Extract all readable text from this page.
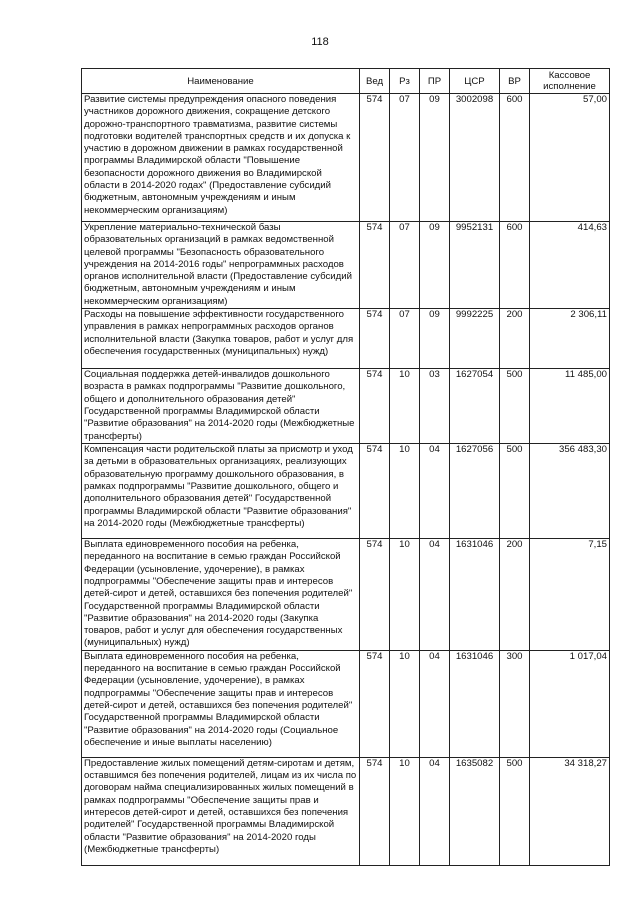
118
Наименование	Вед	Рз	ПР	ЦСР	ВР	Кассовое исполнение
Развитие системы предупреждения опасного поведения участников дорожного движения, сокращение детского дорожно-транспортного травматизма, развитие системы подготовки водителей транспортных средств и их допуска к участию в дорожном движении в рамках государственной программы Владимирской области "Повышение безопасности дорожного движения во Владимирской области в 2014-2020 годах" (Предоставление субсидий бюджетным, автономным учреждениям и иным некоммерческим организациям)	574	07	09	3002098	600	57,00
Укрепление материально-технической базы образовательных организаций в рамках ведомственной целевой программы "Безопасность образовательного учреждения на 2014-2016 годы" непрограммных расходов органов исполнительной власти (Предоставление субсидий бюджетным, автономным учреждениям и иным некоммерческим организациям)	574	07	09	9952131	600	414,63
Расходы на повышение эффективности государственного управления в рамках непрограммных расходов органов исполнительной власти (Закупка товаров, работ и услуг для обеспечения государственных (муниципальных) нужд)	574	07	09	9992225	200	2 306,11
Социальная поддержка детей-инвалидов дошкольного возраста в рамках подпрограммы "Развитие дошкольного, общего и дополнительного образования детей" Государственной программы Владимирской области "Развитие образования" на 2014-2020 годы (Межбюджетные трансферты)	574	10	03	1627054	500	11 485,00
Компенсация части родительской платы за присмотр и уход за детьми в образовательных организациях, реализующих образовательную программу дошкольного образования, в рамках подпрограммы "Развитие дошкольного, общего и дополнительного образования детей" Государственной программы Владимирской области "Развитие образования" на 2014-2020 годы (Межбюджетные трансферты)	574	10	04	1627056	500	356 483,30
Выплата единовременного пособия на ребенка, переданного на воспитание в семью граждан Российской Федерации (усыновление, удочерение), в рамках подпрограммы "Обеспечение защиты прав и интересов детей-сирот и детей, оставшихся без попечения родителей" Государственной программы Владимирской области "Развитие образования" на 2014-2020 годы (Закупка товаров, работ и услуг для обеспечения государственных (муниципальных) нужд)	574	10	04	1631046	200	7,15
Выплата единовременного пособия на ребенка, переданного на воспитание в семью граждан Российской Федерации (усыновление, удочерение), в рамках подпрограммы "Обеспечение защиты прав и интересов детей-сирот и детей, оставшихся без попечения родителей" Государственной программы Владимирской области "Развитие образования" на 2014-2020 годы (Социальное обеспечение и иные выплаты населению)	574	10	04	1631046	300	1 017,04
Предоставление жилых помещений детям-сиротам и детям, оставшимся без попечения родителей, лицам из их числа по договорам найма специализированных жилых помещений в рамках подпрограммы "Обеспечение защиты прав и интересов детей-сирот и детей, оставшихся без попечения родителей" Государственной программы Владимирской области "Развитие образования" на 2014-2020 годы (Межбюджетные трансферты)	574	10	04	1635082	500	34 318,27
